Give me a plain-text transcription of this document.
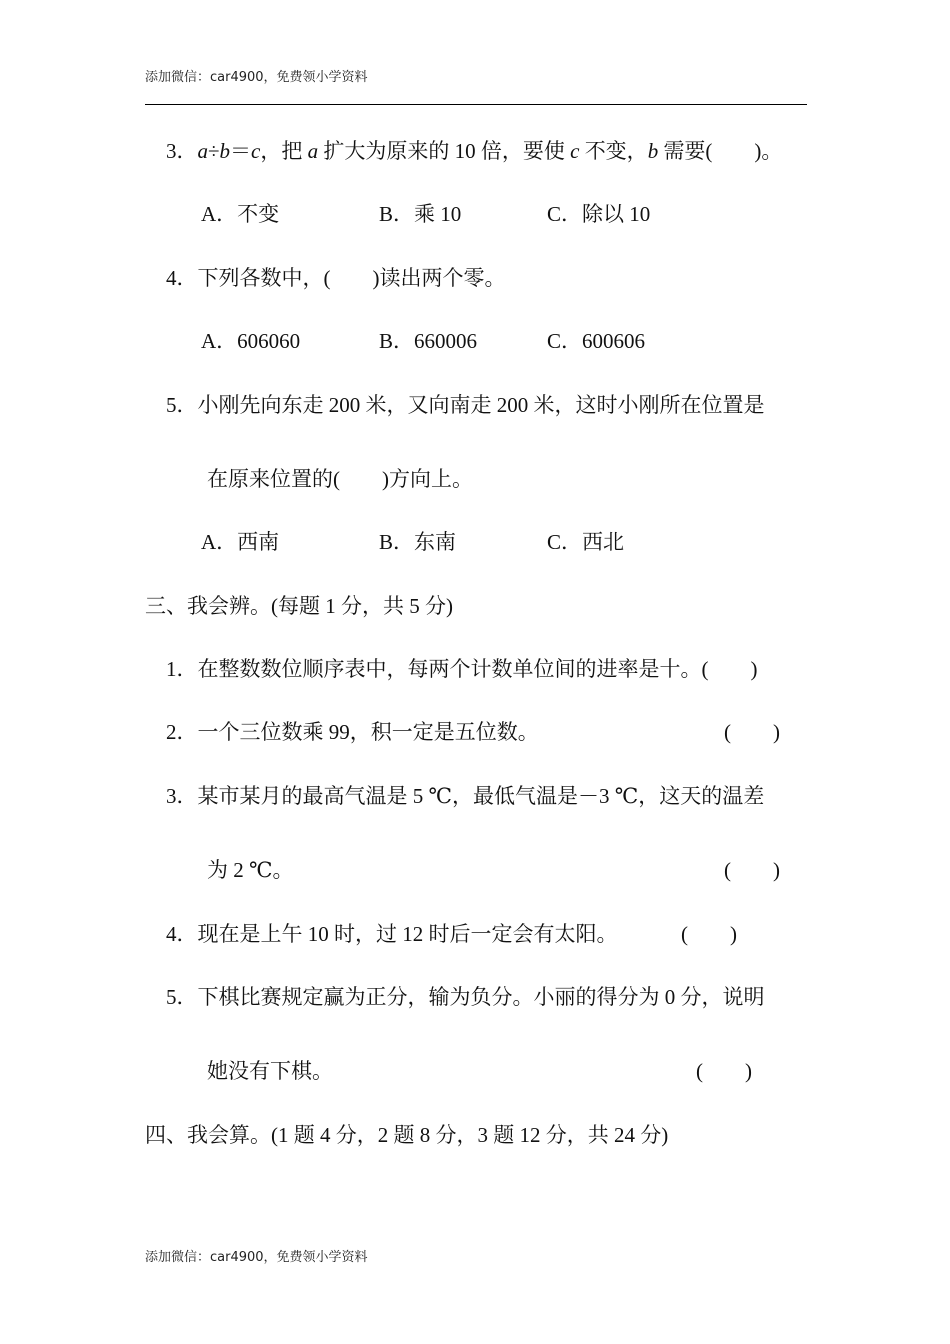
添加微信：car4900，免费领小学资料
3．a÷b＝c，把 a 扩大为原来的 10 倍，要使 c 不变，b 需要(　　)。
A．不变	B．乘 10	C．除以 10
4．下列各数中，(　　)读出两个零。
A．606060	B．660006	C．600606
5．小刚先向东走 200 米，又向南走 200 米，这时小刚所在位置是
在原来位置的(　　)方向上。
A．西南	B．东南	C．西北
三、我会辨。(每题 1 分，共 5 分)
1．在整数数位顺序表中，每两个计数单位间的进率是十。(　　)
2．一个三位数乘 99，积一定是五位数。	(　　)
3．某市某月的最高气温是 5 ℃，最低气温是－3 ℃，这天的温差
为 2 ℃。	(　　)
4．现在是上午 10 时，过 12 时后一定会有太阳。	(　　)
5．下棋比赛规定赢为正分，输为负分。小丽的得分为 0 分，说明
她没有下棋。	(　　)
四、我会算。(1 题 4 分，2 题 8 分，3 题 12 分，共 24 分)
添加微信：car4900，免费领小学资料
